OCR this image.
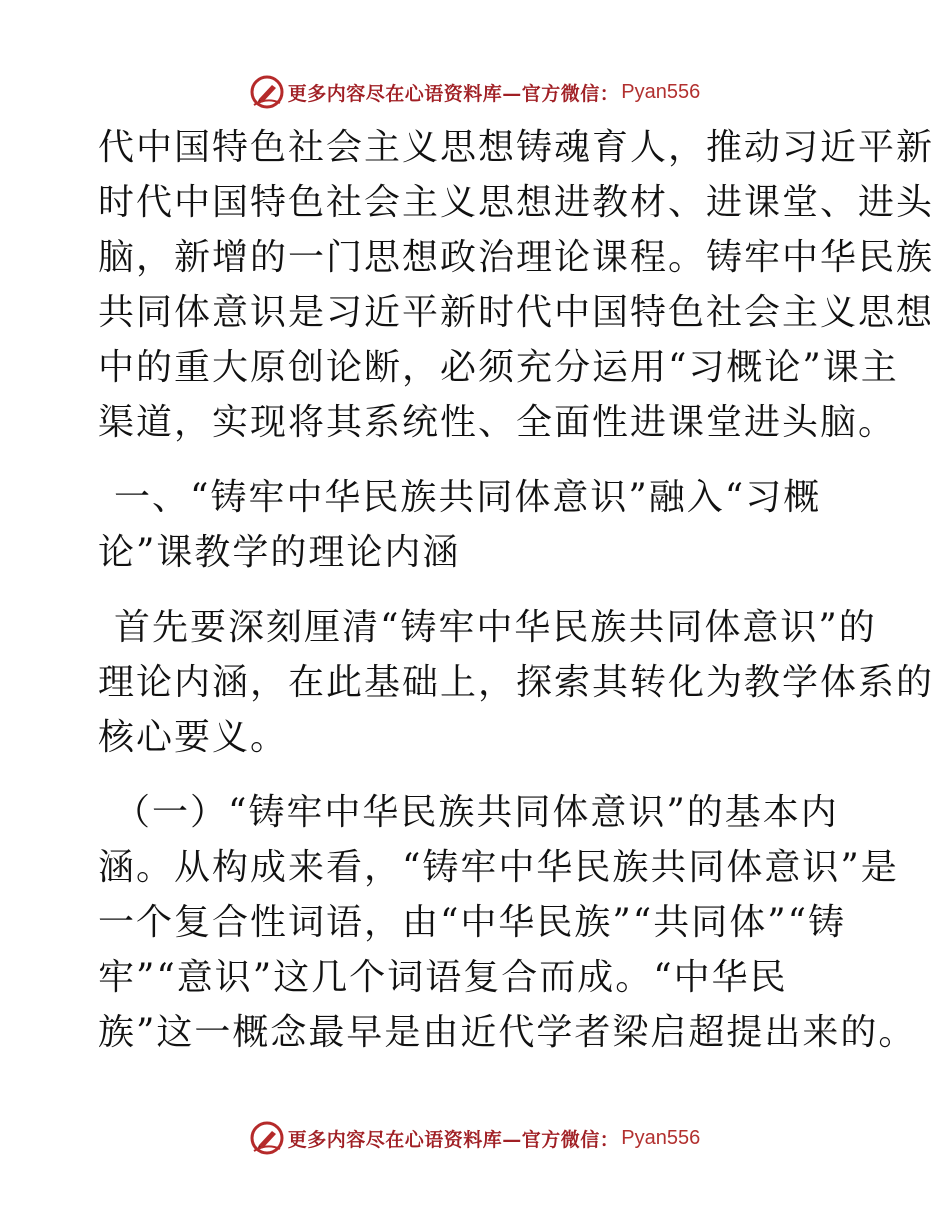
更多内容尽在心语资料库—官方微信： Pyan556
代中国特色社会主义思想铸魂育人，推动习近平新
时代中国特色社会主义思想进教材、进课堂、进头
脑，新增的一门思想政治理论课程。铸牢中华民族
共同体意识是习近平新时代中国特色社会主义思想
中的重大原创论断，必须充分运用“习概论”课主
渠道，实现将其系统性、全面性进课堂进头脑。
一、“铸牢中华民族共同体意识”融入“习概
论”课教学的理论内涵
首先要深刻厘清“铸牢中华民族共同体意识”的
理论内涵，在此基础上，探索其转化为教学体系的
核心要义。
（一）“铸牢中华民族共同体意识”的基本内
涵。从构成来看，“铸牢中华民族共同体意识”是
一个复合性词语，由“中华民族”“共同体”“铸
牢”“意识”这几个词语复合而成。“中华民
族”这一概念最早是由近代学者梁启超提出来的。
更多内容尽在心语资料库—官方微信： Pyan556
